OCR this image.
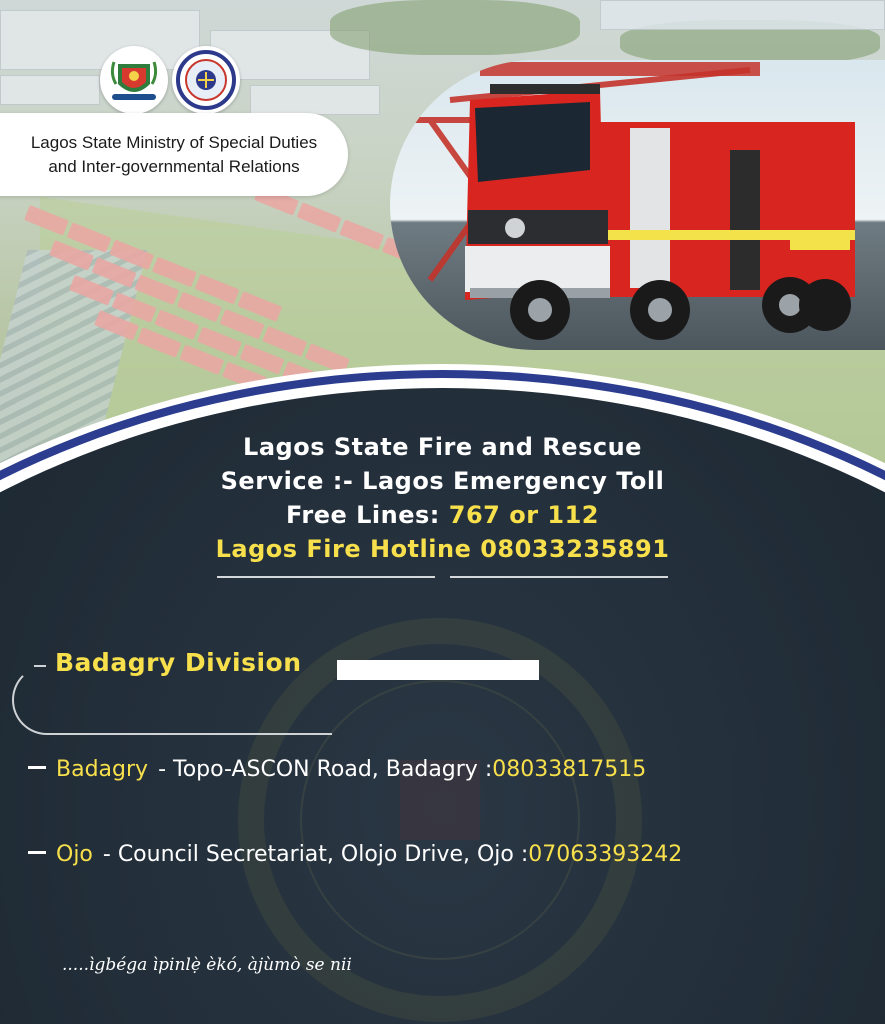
Lagos State Ministry of Special Duties and Inter-governmental Relations
Lagos State Fire and Rescue
Service :- Lagos Emergency Toll
Free Lines: 767 or 112
Lagos Fire Hotline 08033235891
Badagry Division
Badagry - Topo-ASCON Road, Badagry : 08033817515
Ojo - Council Secretariat, Olojo Drive, Ojo : 07063393242
.....ìgbéga ìpinlẹ̀ èkó, àjùmò se nii
